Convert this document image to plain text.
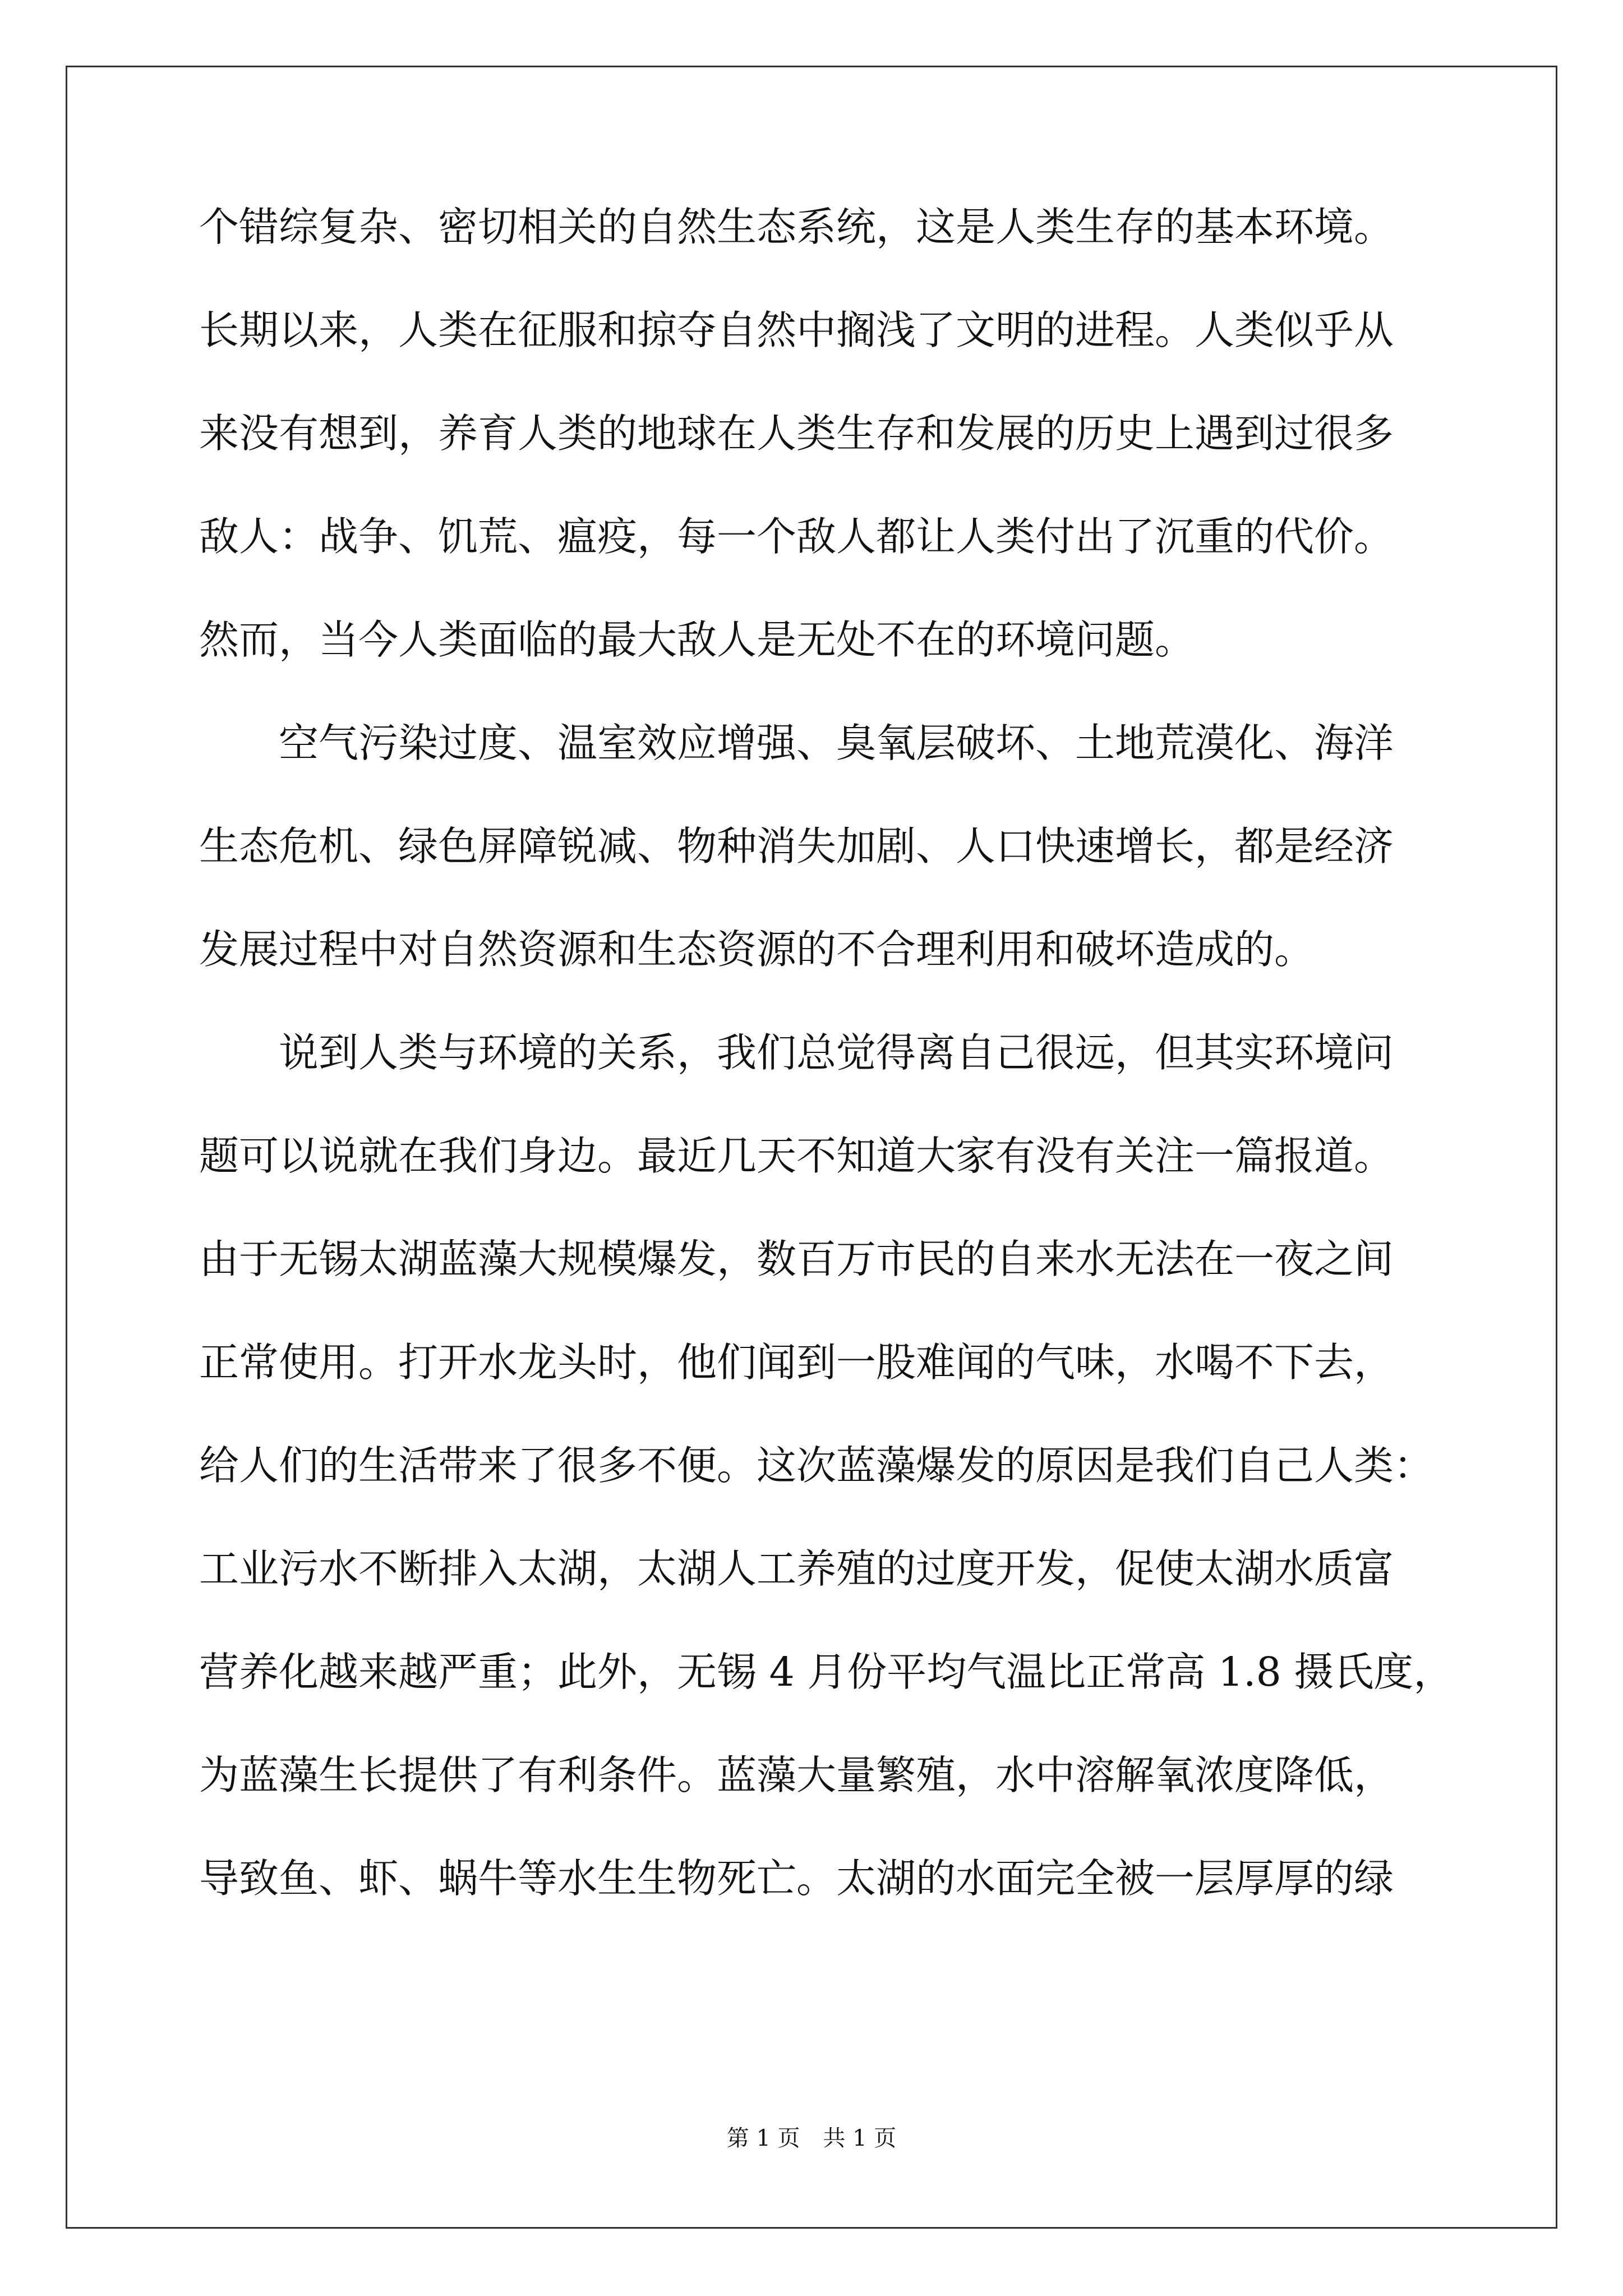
个错综复杂、密切相关的自然生态系统，这是人类生存的基本环境。
长期以来，人类在征服和掠夺自然中搁浅了文明的进程。人类似乎从
来没有想到，养育人类的地球在人类生存和发展的历史上遇到过很多
敌人：战争、饥荒、瘟疫，每一个敌人都让人类付出了沉重的代价。
然而，当今人类面临的最大敌人是无处不在的环境问题。
空气污染过度、温室效应增强、臭氧层破坏、土地荒漠化、海洋
生态危机、绿色屏障锐减、物种消失加剧、人口快速增长，都是经济
发展过程中对自然资源和生态资源的不合理利用和破坏造成的。
说到人类与环境的关系，我们总觉得离自己很远，但其实环境问
题可以说就在我们身边。最近几天不知道大家有没有关注一篇报道。
由于无锡太湖蓝藻大规模爆发，数百万市民的自来水无法在一夜之间
正常使用。打开水龙头时，他们闻到一股难闻的气味，水喝不下去，
给人们的生活带来了很多不便。这次蓝藻爆发的原因是我们自己人类：
工业污水不断排入太湖，太湖人工养殖的过度开发，促使太湖水质富
营养化越来越严重；此外，无锡 4 月份平均气温比正常高 1.8 摄氏度，
为蓝藻生长提供了有利条件。蓝藻大量繁殖，水中溶解氧浓度降低，
导致鱼、虾、蜗牛等水生生物死亡。太湖的水面完全被一层厚厚的绿
第 1 页 共 1 页
